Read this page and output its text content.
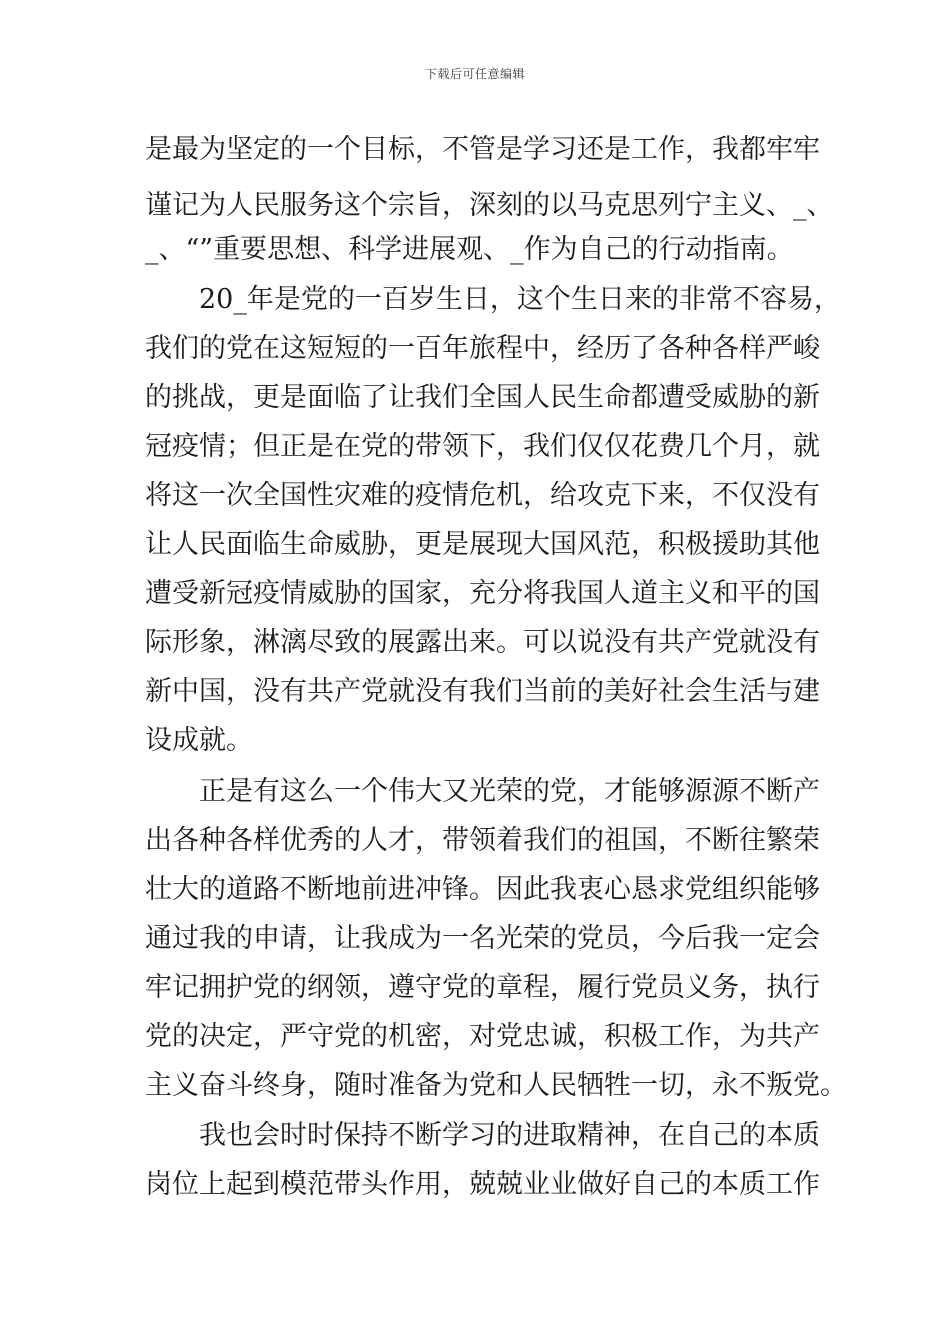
下载后可任意编辑
是最为坚定的一个目标，不管是学习还是工作，我都牢牢
谨记为人民服务这个宗旨，深刻的以马克思列宁主义、_、
_、“”重要思想、科学进展观、_作为自己的行动指南。
20_年是党的一百岁生日，这个生日来的非常不容易，
我们的党在这短短的一百年旅程中，经历了各种各样严峻
的挑战，更是面临了让我们全国人民生命都遭受威胁的新
冠疫情；但正是在党的带领下，我们仅仅花费几个月，就
将这一次全国性灾难的疫情危机，给攻克下来，不仅没有
让人民面临生命威胁，更是展现大国风范，积极援助其他
遭受新冠疫情威胁的国家，充分将我国人道主义和平的国
际形象，淋漓尽致的展露出来。可以说没有共产党就没有
新中国，没有共产党就没有我们当前的美好社会生活与建
设成就。
正是有这么一个伟大又光荣的党，才能够源源不断产
出各种各样优秀的人才，带领着我们的祖国，不断往繁荣
壮大的道路不断地前进冲锋。因此我衷心恳求党组织能够
通过我的申请，让我成为一名光荣的党员，今后我一定会
牢记拥护党的纲领，遵守党的章程，履行党员义务，执行
党的决定，严守党的机密，对党忠诚，积极工作，为共产
主义奋斗终身，随时准备为党和人民牺牲一切，永不叛党。
我也会时时保持不断学习的进取精神，在自己的本质
岗位上起到模范带头作用，兢兢业业做好自己的本质工作
